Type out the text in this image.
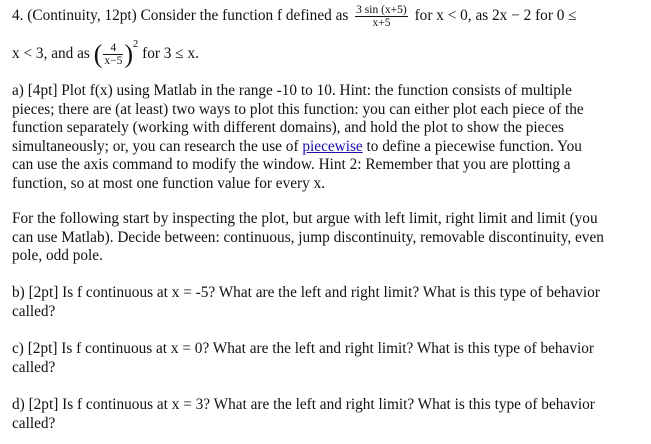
4. (Continuity, 12pt) Consider the function f defined as $\frac{3 \sin (x+5)}{x+5}$ for x < 0, as 2x − 2 for 0 ≤
x < 3, and as ( $\frac{4}{x-5} )^2$ for 3 ≤ x.
a) [4pt] Plot f(x) using Matlab in the range -10 to 10. Hint: the function consists of multiple
pieces; there are (at least) two ways to plot this function: you can either plot each piece of the
function separately (working with different domains), and hold the plot to show the pieces
simultaneously; or, you can research the use of piecewise to define a piecewise function. You
can use the axis command to modify the window. Hint 2: Remember that you are plotting a
function, so at most one function value for every x.
For the following start by inspecting the plot, but argue with left limit, right limit and limit (you
can use Matlab). Decide between: continuous, jump discontinuity, removable discontinuity, even
pole, odd pole.
b) [2pt] Is f continuous at x = -5? What are the left and right limit? What is this type of behavior
called?
c) [2pt] Is f continuous at x = 0? What are the left and right limit? What is this type of behavior
called?
d) [2pt] Is f continuous at x = 3? What are the left and right limit? What is this type of behavior
called?
